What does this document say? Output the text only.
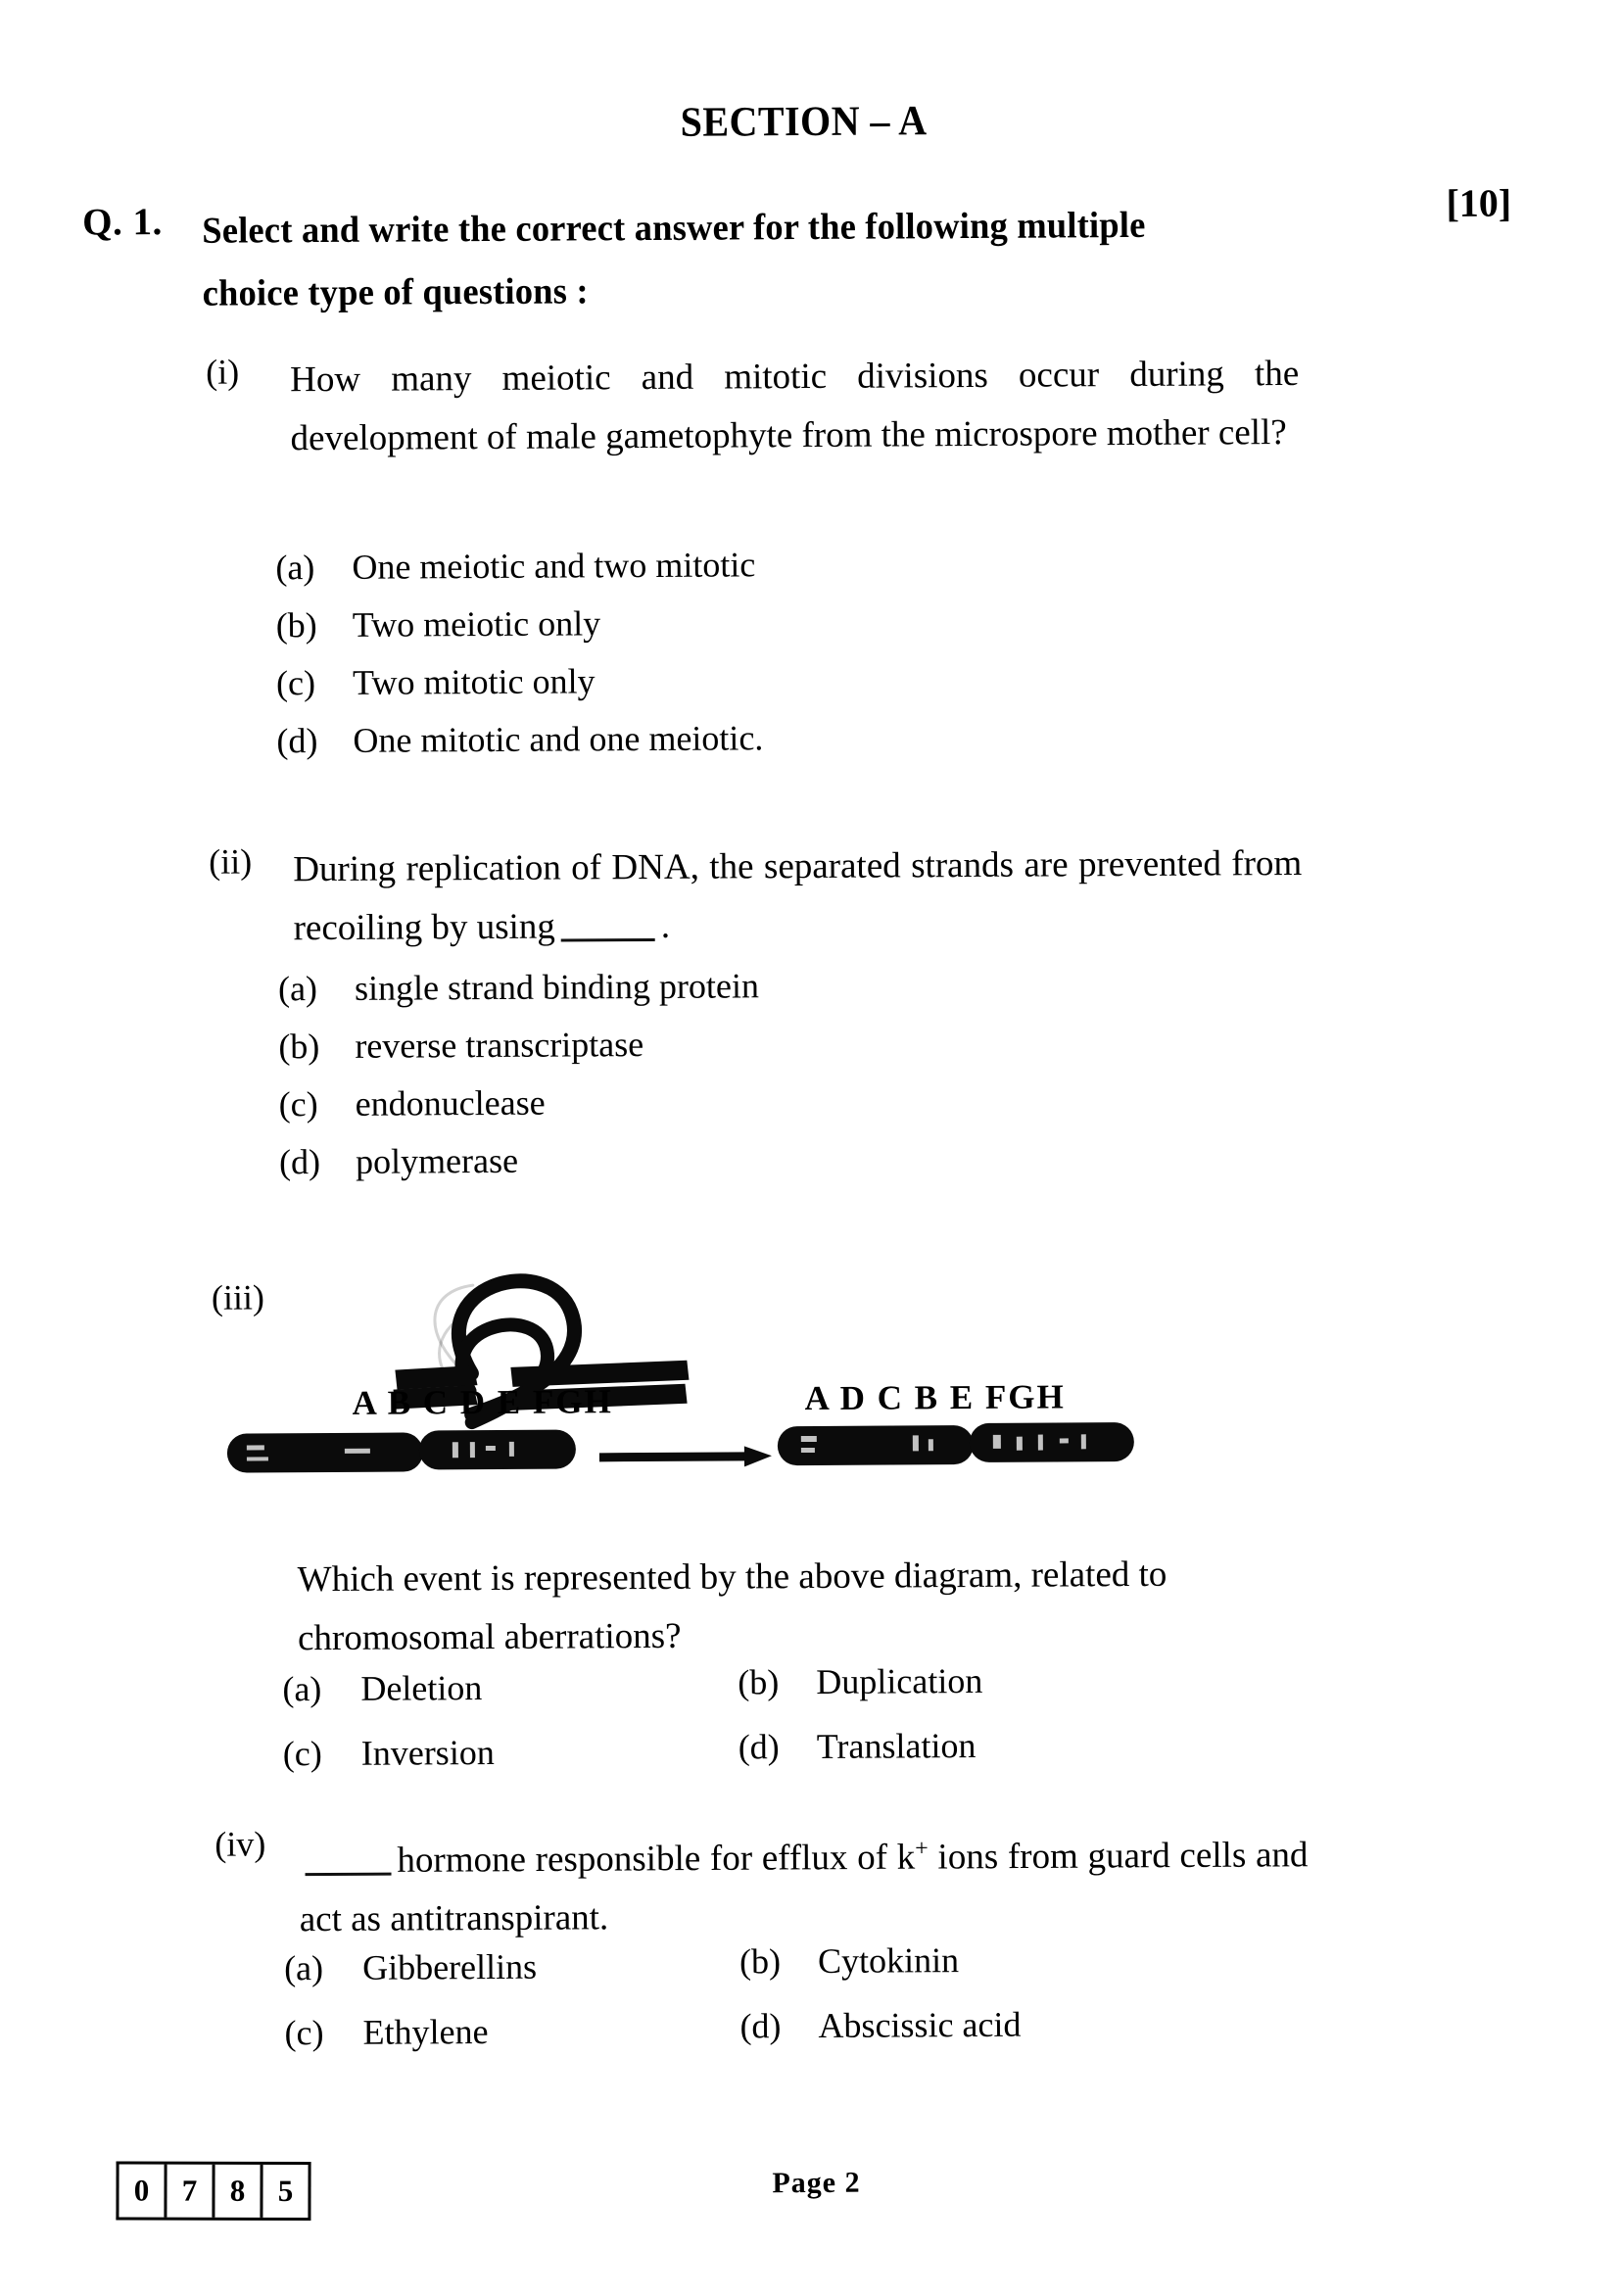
SECTION – A
[10]
Q. 1. Select and write the correct answer for the following multiple choice type of questions :
(i) How many meiotic and mitotic divisions occur during the development of male gametophyte from the microspore mother cell?
(a) One meiotic and two mitotic
(b) Two meiotic only
(c) Two mitotic only
(d) One mitotic and one meiotic.
(ii) During replication of DNA, the separated strands are prevented from recoiling by using	.
(a) single strand binding protein
(b) reverse transcriptase
(c) endonuclease
(d) polymerase
(iii)
A B C D E FGH	A D C B E FGH
Which event is represented by the above diagram, related to chromosomal aberrations?
(a) Deletion	(b) Duplication
(c) Inversion	(d) Translation
(iv)	hormone responsible for efflux of k+ ions from guard cells and act as antitranspirant.
(a) Gibberellins	(b) Cytokinin
(c) Ethylene	(d) Abscissic acid
0	7	8	5	Page 2
